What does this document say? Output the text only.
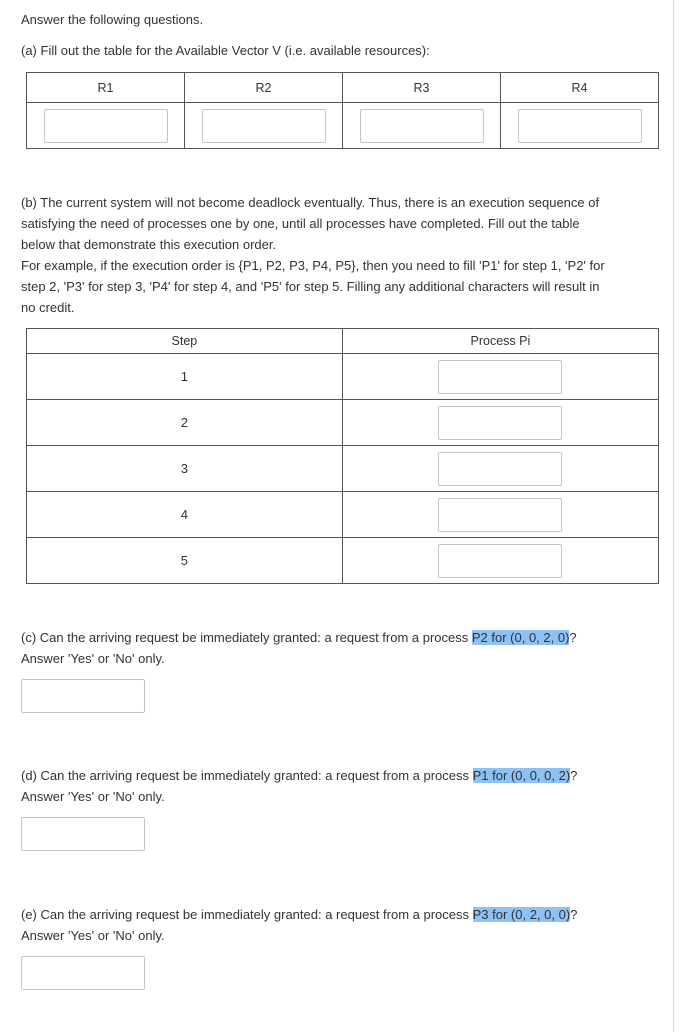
Answer the following questions.

(a) Fill out the table for the Available Vector V (i.e. available resources):

R1	R2	R3	R4

(b) The current system will not become deadlock eventually. Thus, there is an execution sequence of

satisfying the need of processes one by one, until all processes have completed. Fill out the table

below that demonstrate this execution order.

For example, if the execution order is {P1, P2, P3, P4, P5}, then you need to fill 'P1' for step 1, 'P2' for

step 2, 'P3' for step 3, 'P4' for step 4, and 'P5' for step 5. Filling any additional characters will result in

no credit.

Step	Process Pi
1	
2	
3	
4	
5	

(c) Can the arriving request be immediately granted: a request from a process P2 for (0, 0, 2, 0)?

Answer 'Yes' or 'No' only.

(d) Can the arriving request be immediately granted: a request from a process P1 for (0, 0, 0, 2)?

Answer 'Yes' or 'No' only.

(e) Can the arriving request be immediately granted: a request from a process P3 for (0, 2, 0, 0)?

Answer 'Yes' or 'No' only.
